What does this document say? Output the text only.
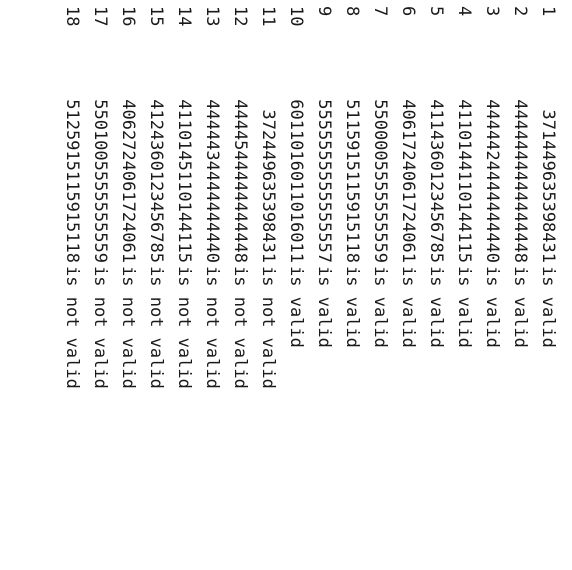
1
371449635398431
is valid
2
4444444444444448
is valid
3
4444424444444440
is valid
4
4110144110144115
is valid
5
4114360123456785
is valid
6
4061724061724061
is valid
7
5500005555555559
is valid
8
5115915115915118
is valid
9
5555555555555557
is valid
10
6011016011016011
is valid
11
372449635398431
is not valid
12
4444544444444448
is not valid
13
4444434444444440
is not valid
14
4110145110144115
is not valid
15
4124360123456785
is not valid
16
4062724061724061
is not valid
17
5501005555555559
is not valid
18
5125915115915118
is not valid
